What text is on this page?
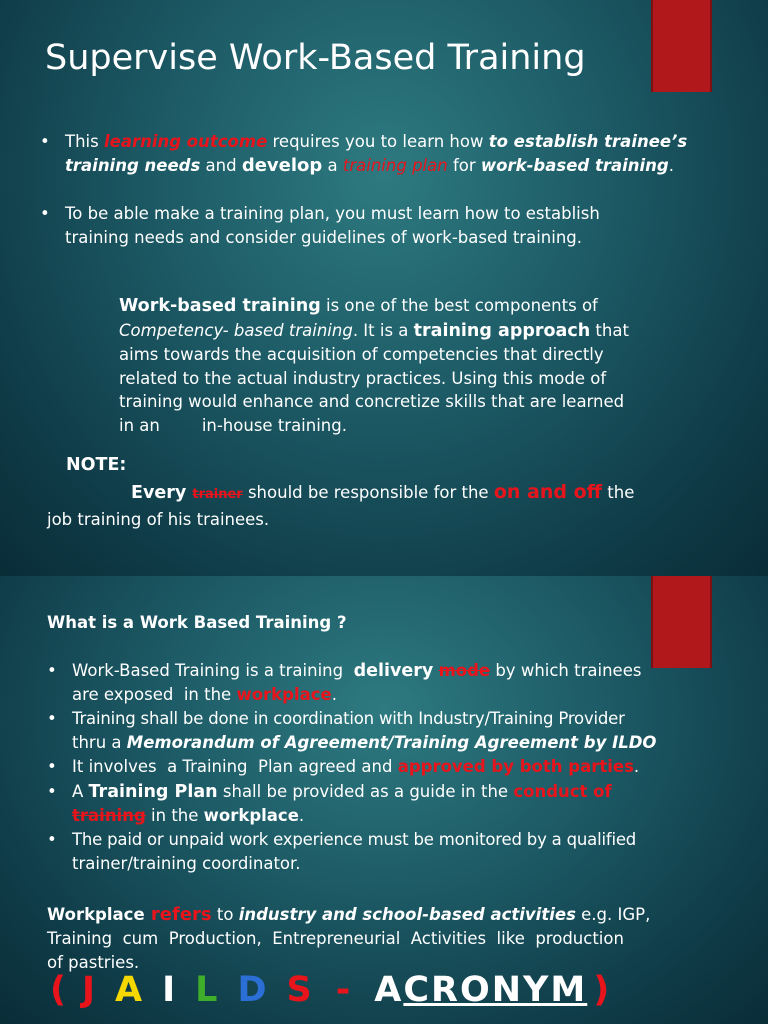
Supervise Work-Based Training
• This learning outcome requires you to learn how to establish trainee’s
training needs and develop a training plan for work-based training.
• To be able make a training plan, you must learn how to establish
training needs and consider guidelines of work-based training.
Work-based training is one of the best components of
Competency- based training. It is a training approach that
aims towards the acquisition of competencies that directly
related to the actual industry practices. Using this mode of
training would enhance and concretize skills that are learned
in an        in-house training.
NOTE:
Every trainer should be responsible for the on and off the
job training of his trainees.
What is a Work Based Training ?
• Work-Based Training is a training  delivery mode by which trainees
are exposed  in the workplace.
• Training shall be done in coordination with Industry/Training Provider
thru a Memorandum of Agreement/Training Agreement by ILDO
• It involves  a Training  Plan agreed and approved by both parties.
• A Training Plan shall be provided as a guide in the conduct of
training in the workplace.
• The paid or unpaid work experience must be monitored by a qualified
trainer/training coordinator.
Workplace refers to industry and school-based activities e.g. IGP,
Training  cum  Production,  Entrepreneurial  Activities  like  production
of pastries.
( J A I L D S - ACRONYM )
